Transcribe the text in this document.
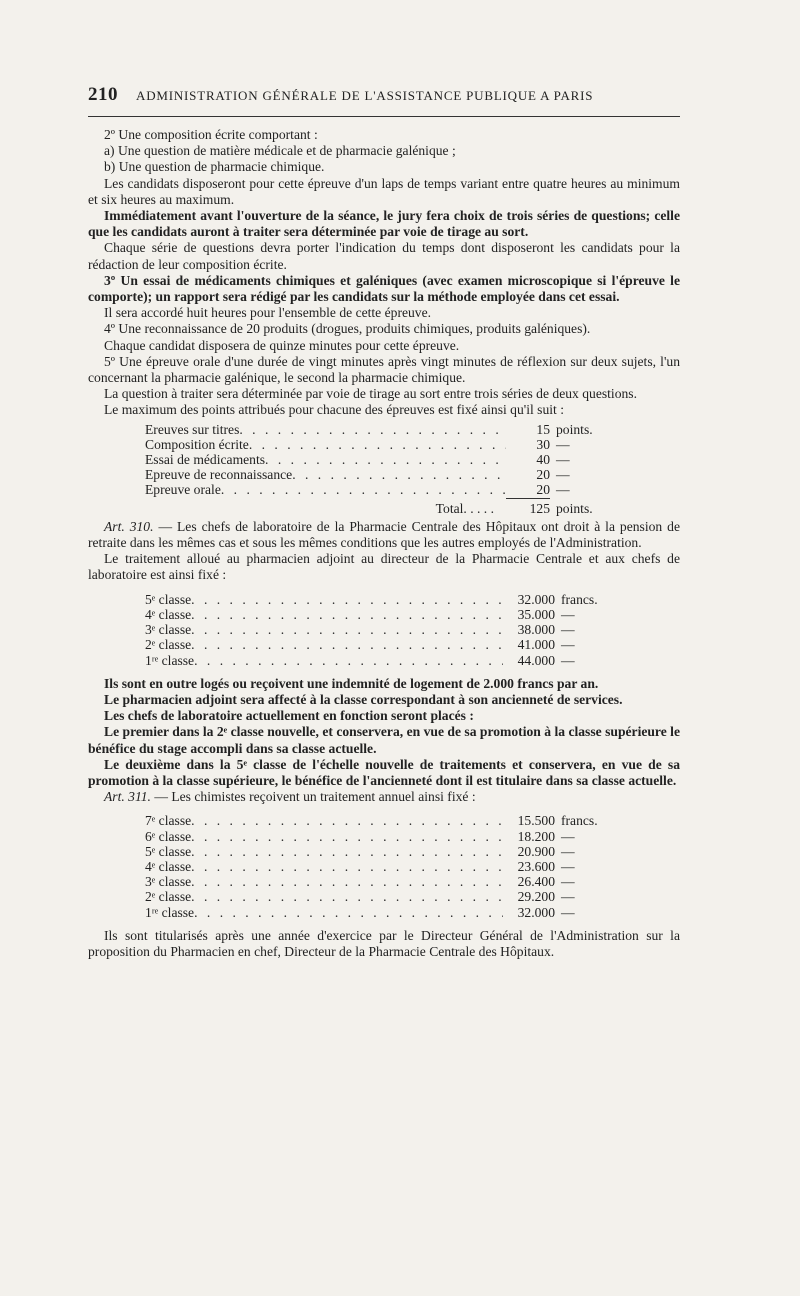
210 ADMINISTRATION GÉNÉRALE DE L'ASSISTANCE PUBLIQUE A PARIS

2º Une composition écrite comportant :

a) Une question de matière médicale et de pharmacie galénique ;

b) Une question de pharmacie chimique.

Les candidats disposeront pour cette épreuve d'un laps de temps variant entre quatre heures au minimum et six heures au maximum.

Immédiatement avant l'ouverture de la séance, le jury fera choix de trois séries de questions; celle que les candidats auront à traiter sera déterminée par voie de tirage au sort.

Chaque série de questions devra porter l'indication du temps dont disposeront les candidats pour la rédaction de leur composition écrite.

3º Un essai de médicaments chimiques et galéniques (avec examen microscopique si l'épreuve le comporte); un rapport sera rédigé par les candidats sur la méthode employée dans cet essai.

Il sera accordé huit heures pour l'ensemble de cette épreuve.

4º Une reconnaissance de 20 produits (drogues, produits chimiques, produits galéniques).

Chaque candidat disposera de quinze minutes pour cette épreuve.

5º Une épreuve orale d'une durée de vingt minutes après vingt minutes de réflexion sur deux sujets, l'un concernant la pharmacie galénique, le second la pharmacie chimique.

La question à traiter sera déterminée par voie de tirage au sort entre trois séries de deux questions.

Le maximum des points attribués pour chacune des épreuves est fixé ainsi qu'il suit :

Ereuves sur titres . . .	15 points.
Composition écrite . . .	30 —
Essai de médicaments . . .	40 —
Epreuve de reconnaissance . . .	20 —
Epreuve orale . . .	20 —
Total. . . . .	125 points.

Art. 310. — Les chefs de laboratoire de la Pharmacie Centrale des Hôpitaux ont droit à la pension de retraite dans les mêmes cas et sous les mêmes conditions que les autres employés de l'Administration.

Le traitement alloué au pharmacien adjoint au directeur de la Pharmacie Centrale et aux chefs de laboratoire est ainsi fixé :

5ᵉ classe . . .	32.000 francs.
4ᵉ classe . . .	35.000 —
3ᵉ classe . . .	38.000 —
2ᵉ classe . . .	41.000 —
1ʳᵉ classe . . .	44.000 —

Ils sont en outre logés ou reçoivent une indemnité de logement de 2.000 francs par an.

Le pharmacien adjoint sera affecté à la classe correspondant à son ancienneté de services.

Les chefs de laboratoire actuellement en fonction seront placés :

Le premier dans la 2ᵉ classe nouvelle, et conservera, en vue de sa promotion à la classe supérieure le bénéfice du stage accompli dans sa classe actuelle.

Le deuxième dans la 5ᵉ classe de l'échelle nouvelle de traitements et conservera, en vue de sa promotion à la classe supérieure, le bénéfice de l'ancienneté dont il est titulaire dans sa classe actuelle.

Art. 311. — Les chimistes reçoivent un traitement annuel ainsi fixé :

7ᵉ classe . . .	15.500 francs.
6ᵉ classe . . .	18.200 —
5ᵉ classe . . .	20.900 —
4ᵉ classe . . .	23.600 —
3ᵉ classe . . .	26.400 —
2ᵉ classe . . .	29.200 —
1ʳᵉ classe . . .	32.000 —

Ils sont titularisés après une année d'exercice par le Directeur Général de l'Administration sur la proposition du Pharmacien en chef, Directeur de la Pharmacie Centrale des Hôpitaux.
